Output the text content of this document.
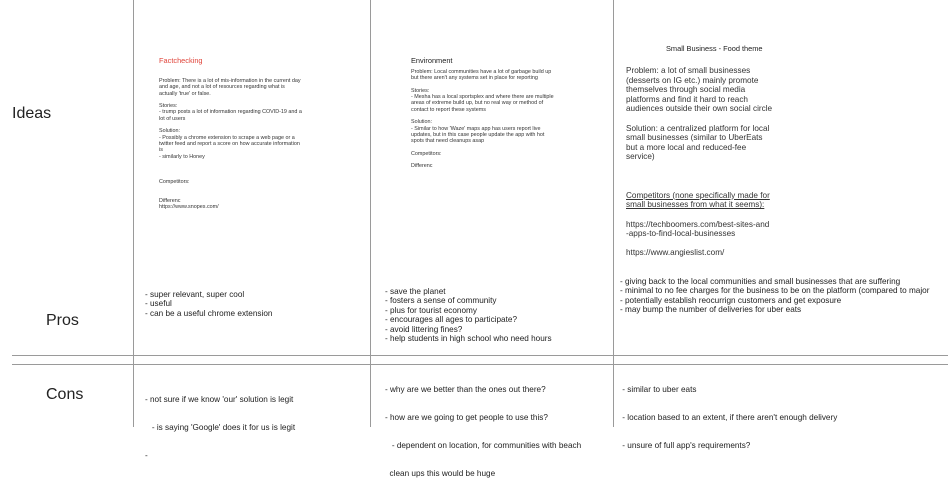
Ideas
Pros
Cons
Factchecking

Problem: There is a lot of mis-information in the current day

and age, and not a lot of resources regarding what is

actually 'true' or false.

Stories:

- trump posts a lot of information regarding COVID-19 and a

lot of users

Solution:

- Possibly a chrome extension to scrape a web page or a

twitter feed and report a score on how accurate information

is

- similarly to Honey

Competitors:

Differenc

https://www.snopes.com/

Environment

Problem: Local communities have a lot of garbage build up

but there aren't any systems set in place for reporting

Stories:

- Mesha has a local sportsplex and where there are multiple

areas of extreme build up, but no real way or method of

contact to report these systems

Solution:

- Similar to how 'Waze' maps app has users report live

updates, but in this case people update the app with hot

spots that need cleanups asap

Competitors:

Differenc

Small Business - Food theme

Problem: a lot of small businesses

(desserts on IG etc.) mainly promote

themselves through social media

platforms and find it hard to reach

audiences outside their own social circle

Solution: a centralized platform for local

small businesses (similar to UberEats

but a more local and reduced-fee

service)

Competitors (none specifically made for

small businesses from what it seems):

https://techboomers.com/best-sites-and

-apps-to-find-local-businesses

https://www.angieslist.com/

- super relevant, super cool

- useful

- can be a useful chrome extension

- save the planet

- fosters a sense of community

- plus for tourist economy

- encourages all ages to participate?

- avoid littering fines?

- help students in high school who need hours

- giving back to the local communities and small businesses that are suffering

- minimal to no fee charges for the business to be on the platform (compared to major

- potentially establish reocurrign customers and get exposure

- may bump the number of deliveries for uber eats

- not sure if we know 'our' solution is legit

- is saying 'Google' does it for us is legit

-

- why are we better than the ones out there?

- how are we going to get people to use this?

- dependent on location, for communities with beach

clean ups this would be huge

- similar to uber eats

- location based to an extent, if there aren't enough delivery

- unsure of full app's requirements?
